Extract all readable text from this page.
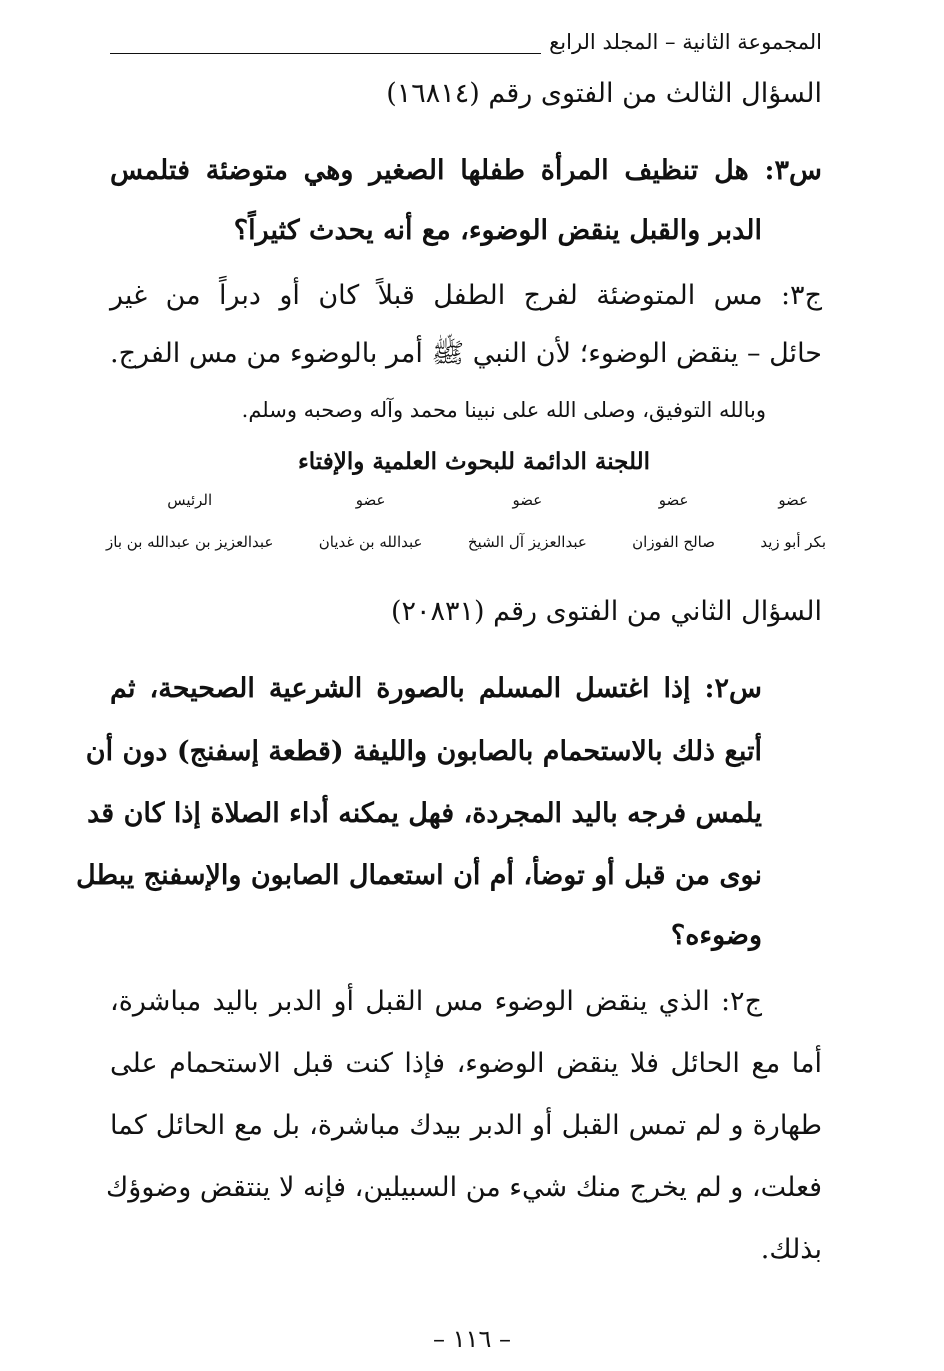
المجموعة الثانية – المجلد الرابع
السؤال الثالث من الفتوى رقم (١٦٨١٤)
س٣: هل تنظيف المرأة طفلها الصغير وهي متوضئة فتلمس
الدبر والقبل ينقض الوضوء، مع أنه يحدث كثيراً؟
ج٣: مس المتوضئة لفرج الطفل قبلاً كان أو دبراً من غير
حائل – ينقض الوضوء؛ لأن النبي ﷺ أمر بالوضوء من مس الفرج.
وبالله التوفيق، وصلى الله على نبينا محمد وآله وصحبه وسلم.
اللجنة الدائمة للبحوث العلمية والإفتاء
عضو
بكر أبو زيد
عضو
صالح الفوزان
عضو
عبدالعزيز آل الشيخ
عضو
عبدالله بن غديان
الرئيس
عبدالعزيز بن عبدالله بن باز
السؤال الثاني من الفتوى رقم (٢٠٨٣١)
س٢: إذا اغتسل المسلم بالصورة الشرعية الصحيحة، ثم
أتبع ذلك بالاستحمام بالصابون والليفة (قطعة إسفنج) دون أن
يلمس فرجه باليد المجردة، فهل يمكنه أداء الصلاة إذا كان قد
نوى من قبل أو توضأ، أم أن استعمال الصابون والإسفنج يبطل
وضوءه؟
ج٢: الذي ينقض الوضوء مس القبل أو الدبر باليد مباشرة،
أما مع الحائل فلا ينقض الوضوء، فإذا كنت قبل الاستحمام على
طهارة و لم تمس القبل أو الدبر بيدك مباشرة، بل مع الحائل كما
فعلت، و لم يخرج منك شيء من السبيلين، فإنه لا ينتقض وضوؤك
بذلك.
– ١١٦ –
